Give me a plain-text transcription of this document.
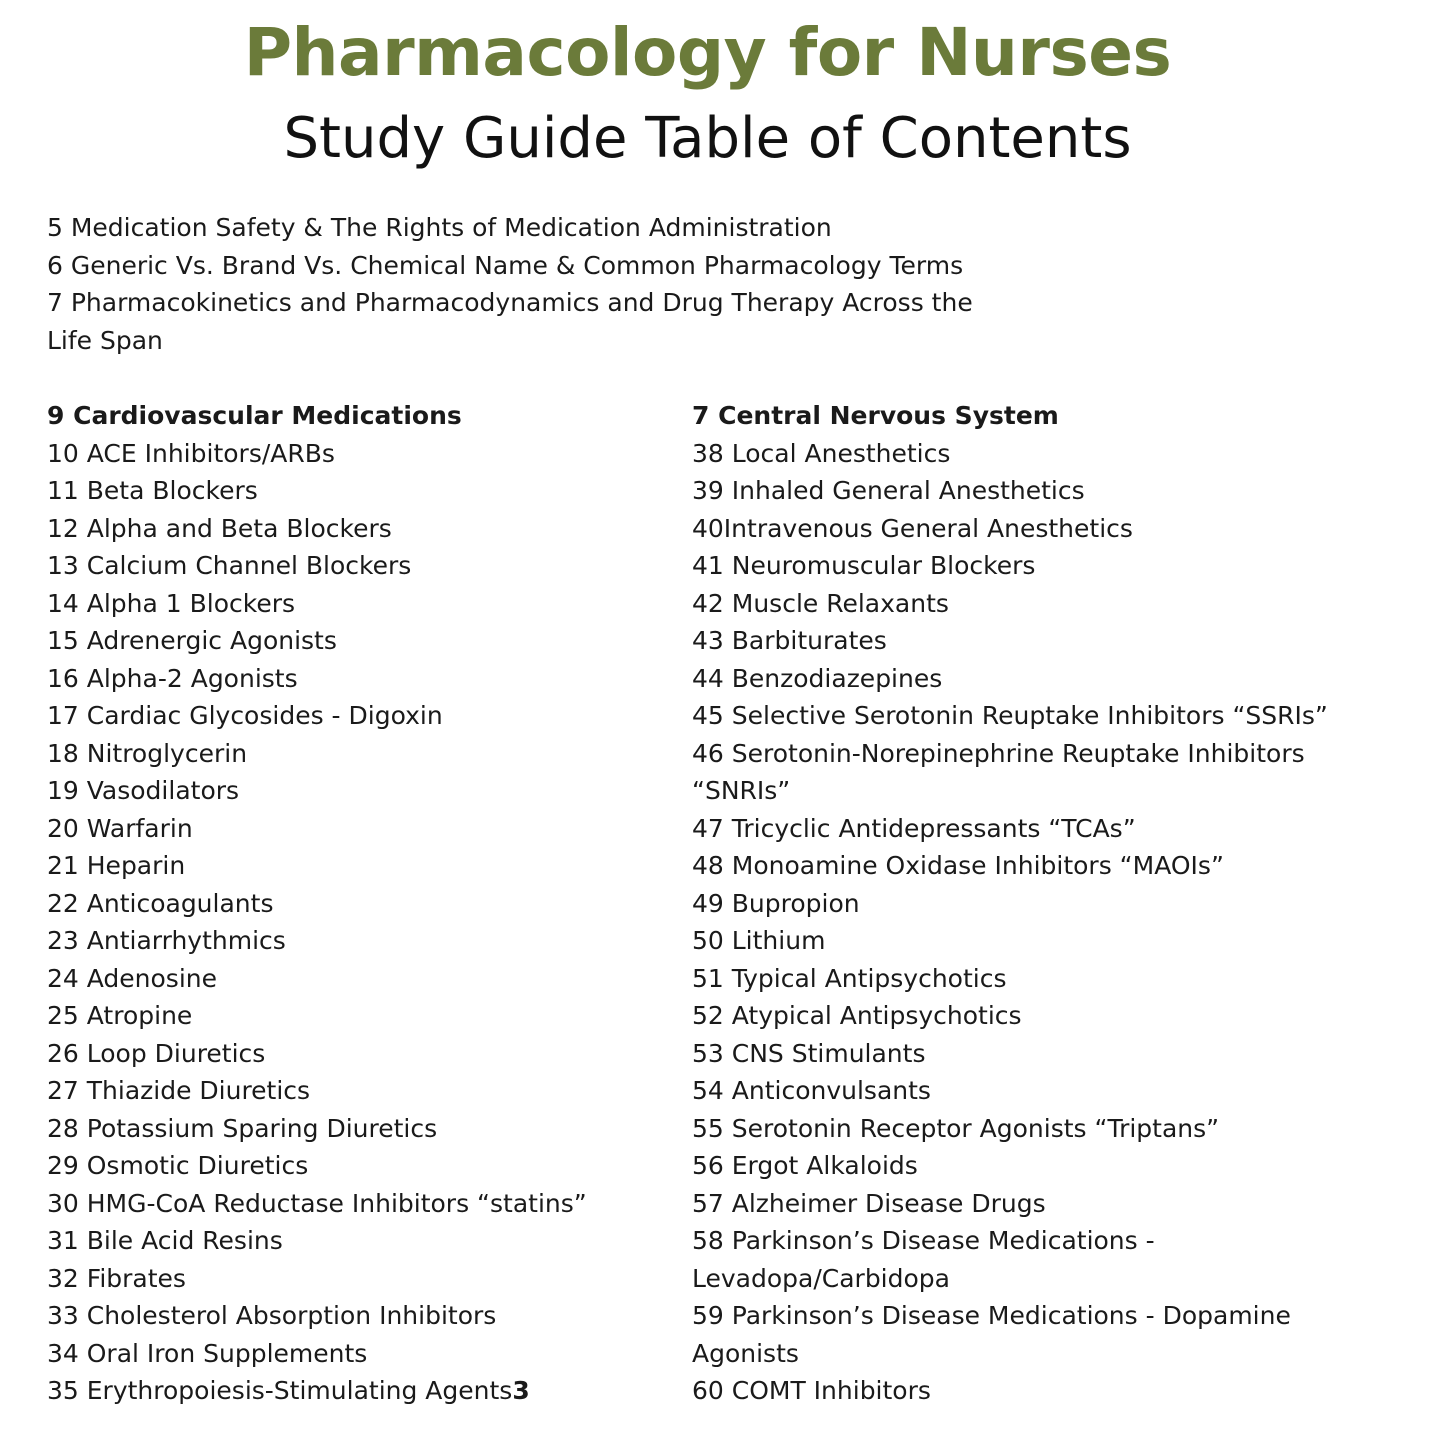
Pharmacology for Nurses
Study Guide Table of Contents
5 Medication Safety & The Rights of Medication Administration
6 Generic Vs. Brand Vs. Chemical Name & Common Pharmacology Terms
7 Pharmacokinetics and Pharmacodynamics and Drug Therapy Across the
Life Span
9 Cardiovascular Medications
10 ACE Inhibitors/ARBs
11 Beta Blockers
12 Alpha and Beta Blockers
13 Calcium Channel Blockers
14 Alpha 1 Blockers
15 Adrenergic Agonists
16 Alpha-2 Agonists
17 Cardiac Glycosides - Digoxin
18 Nitroglycerin
19 Vasodilators
20 Warfarin
21 Heparin
22 Anticoagulants
23 Antiarrhythmics
24 Adenosine
25 Atropine
26 Loop Diuretics
27 Thiazide Diuretics
28 Potassium Sparing Diuretics
29 Osmotic Diuretics
30 HMG-CoA Reductase Inhibitors “statins”
31 Bile Acid Resins
32 Fibrates
33 Cholesterol Absorption Inhibitors
34 Oral Iron Supplements
35 Erythropoiesis-Stimulating Agents3
7 Central Nervous System
38 Local Anesthetics
39 Inhaled General Anesthetics
40Intravenous General Anesthetics
41 Neuromuscular Blockers
42 Muscle Relaxants
43 Barbiturates
44 Benzodiazepines
45 Selective Serotonin Reuptake Inhibitors “SSRIs”
46 Serotonin-Norepinephrine Reuptake Inhibitors
“SNRIs”
47 Tricyclic Antidepressants “TCAs”
48 Monoamine Oxidase Inhibitors “MAOIs”
49 Bupropion
50 Lithium
51 Typical Antipsychotics
52 Atypical Antipsychotics
53 CNS Stimulants
54 Anticonvulsants
55 Serotonin Receptor Agonists “Triptans”
56 Ergot Alkaloids
57 Alzheimer Disease Drugs
58 Parkinson’s Disease Medications -
Levadopa/Carbidopa
59 Parkinson’s Disease Medications - Dopamine
Agonists
60 COMT Inhibitors
